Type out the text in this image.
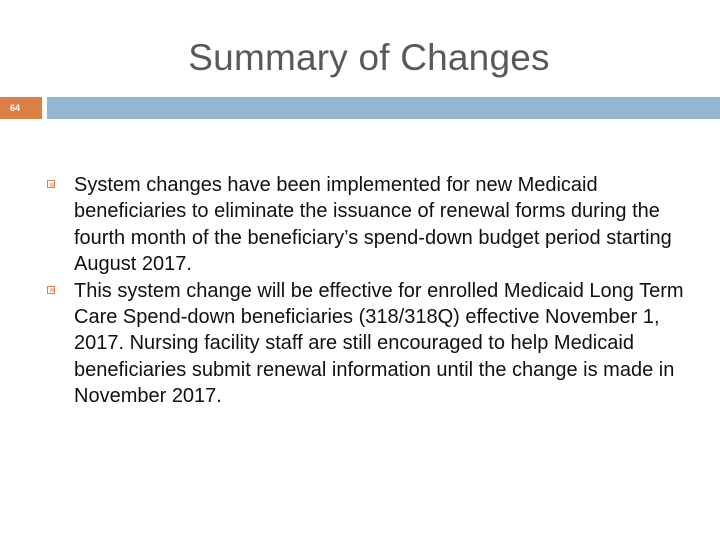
Summary of Changes
64
System changes have been implemented for new Medicaid beneficiaries to eliminate the issuance of renewal forms during the fourth month of the beneficiary’s spend-down budget period starting August 2017.
This system change will be effective for enrolled Medicaid Long Term Care Spend-down beneficiaries (318/318Q) effective November 1, 2017. Nursing facility staff are still encouraged to help Medicaid beneficiaries submit renewal information until the change is made in November 2017.
